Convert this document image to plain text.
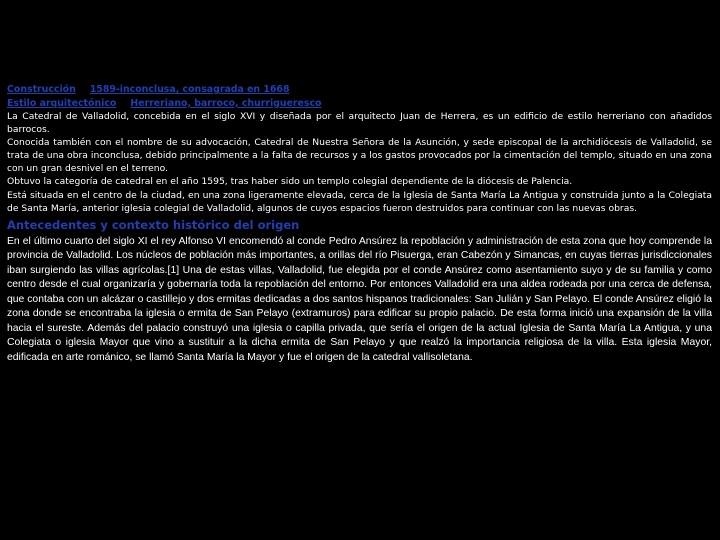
Construcción 1589-inconclusa, consagrada en 1668
Estilo arquitectónico Herreriano, barroco, churrigueresco

La Catedral de Valladolid, concebida en el siglo XVI y diseñada por el arquitecto Juan de Herrera, es un edificio de estilo herreriano con añadidos barrocos.

Conocida también con el nombre de su advocación, Catedral de Nuestra Señora de la Asunción, y sede episcopal de la archidiócesis de Valladolid, se trata de una obra inconclusa, debido principalmente a la falta de recursos y a los gastos provocados por la cimentación del templo, situado en una zona con un gran desnivel en el terreno.

Obtuvo la categoría de catedral en el año 1595, tras haber sido un templo colegial dependiente de la diócesis de Palencia.

Está situada en el centro de la ciudad, en una zona ligeramente elevada, cerca de la Iglesia de Santa María La Antigua y construida junto a la Colegiata de Santa María, anterior iglesia colegial de Valladolid, algunos de cuyos espacios fueron destruidos para continuar con las nuevas obras.

Antecedentes y contexto histórico del origen

En el último cuarto del siglo XI el rey Alfonso VI encomendó al conde Pedro Ansúrez la repoblación y administración de esta zona que hoy comprende la provincia de Valladolid. Los núcleos de población más importantes, a orillas del río Pisuerga, eran Cabezón y Simancas, en cuyas tierras jurisdiccionales iban surgiendo las villas agrícolas.[1] Una de estas villas, Valladolid, fue elegida por el conde Ansúrez como asentamiento suyo y de su familia y como centro desde el cual organizaría y gobernaría toda la repoblación del entorno. Por entonces Valladolid era una aldea rodeada por una cerca de defensa, que contaba con un alcázar o castillejo y dos ermitas dedicadas a dos santos hispanos tradicionales: San Julián y San Pelayo. El conde Ansúrez eligió la zona donde se encontraba la iglesia o ermita de San Pelayo (extramuros) para edificar su propio palacio. De esta forma inició una expansión de la villa hacia el sureste. Además del palacio construyó una iglesia o capilla privada, que sería el origen de la actual Iglesia de Santa María La Antigua, y una Colegiata o iglesia Mayor que vino a sustituir a la dicha ermita de San Pelayo y que realzó la importancia religiosa de la villa. Esta iglesia Mayor, edificada en arte románico, se llamó Santa María la Mayor y fue el origen de la catedral vallisoletana.
